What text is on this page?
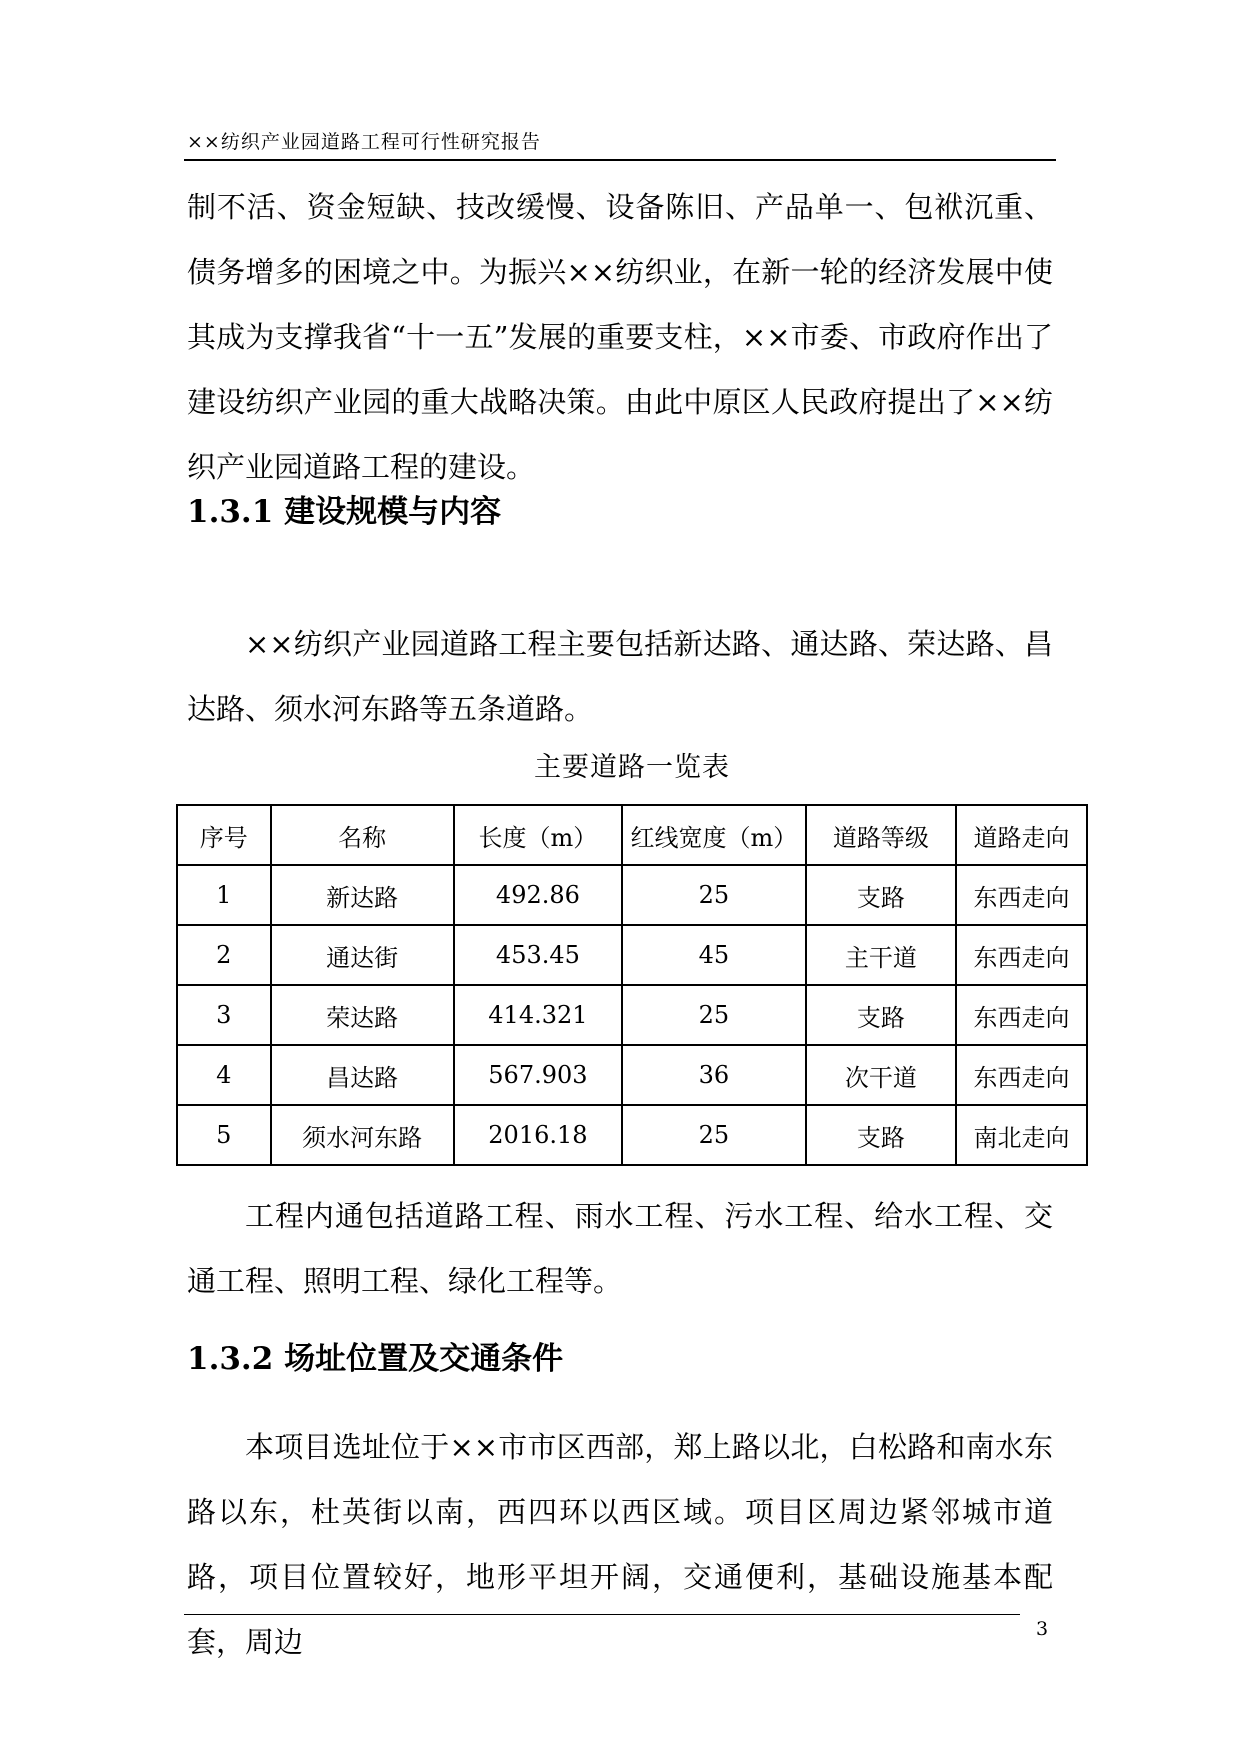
××纺织产业园道路工程可行性研究报告

制不活、资金短缺、技改缓慢、设备陈旧、产品单一、包袱沉重、债务增多的困境之中。为振兴××纺织业，在新一轮的经济发展中使其成为支撑我省“十一五”发展的重要支柱，××市委、市政府作出了建设纺织产业园的重大战略决策。由此中原区人民政府提出了××纺织产业园道路工程的建设。

1.3.1 建设规模与内容

××纺织产业园道路工程主要包括新达路、通达路、荣达路、昌达路、须水河东路等五条道路。

主要道路一览表
序号	名称	长度（m）	红线宽度（m）	道路等级	道路走向
1	新达路	492.86	25	支路	东西走向
2	通达街	453.45	45	主干道	东西走向
3	荣达路	414.321	25	支路	东西走向
4	昌达路	567.903	36	次干道	东西走向
5	须水河东路	2016.18	25	支路	南北走向

工程内通包括道路工程、雨水工程、污水工程、给水工程、交通工程、照明工程、绿化工程等。

1.3.2 场址位置及交通条件

本项目选址位于××市市区西部，郑上路以北，白松路和南水东路以东，杜英街以南，西四环以西区域。项目区周边紧邻城市道路，项目位置较好，地形平坦开阔，交通便利，基础设施基本配套，周边	3
